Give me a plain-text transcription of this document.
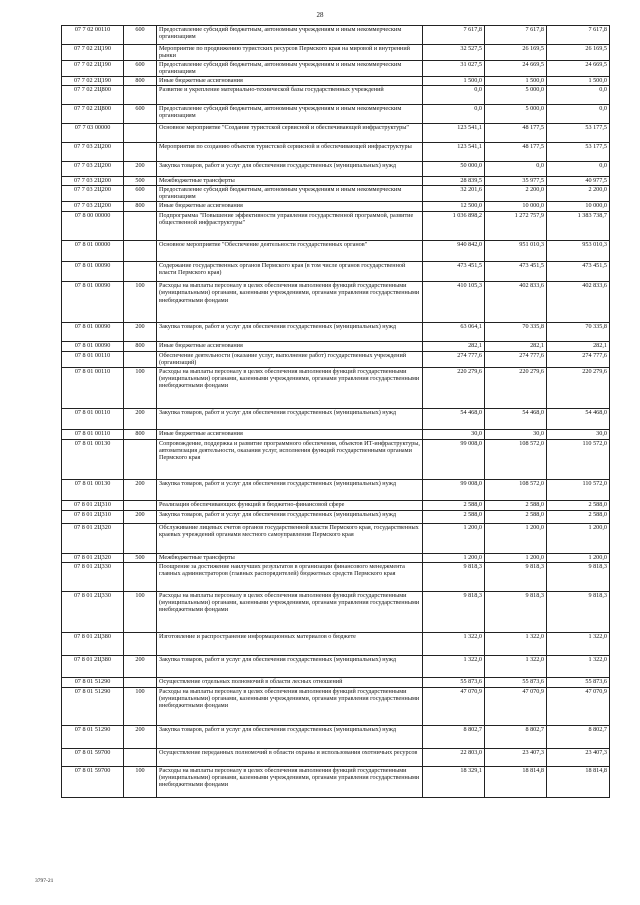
28
07 7 02 00110	600	Предоставление субсидий бюджетным, автономным учреждениям и иным некоммерческим организациям	7 617,8	7 617,8	7 617,8
07 7 02 2Ц190		Мероприятие по продвижению туристских ресурсов Пермского края на мировой и внутренний рынки	32 527,5	26 169,5	26 169,5
07 7 02 2Ц190	600	Предоставление субсидий бюджетным, автономным учреждениям и иным некоммерческим организациям	31 027,5	24 669,5	24 669,5
07 7 02 2Ц190	800	Иные бюджетные ассигнования	1 500,0	1 500,0	1 500,0
07 7 02 2Ц800		Развитие и укрепление материально-технической базы государственных учреждений	0,0	5 000,0	0,0
07 7 02 2Ц800	600	Предоставление субсидий бюджетным, автономным учреждениям и иным некоммерческим организациям	0,0	5 000,0	0,0
07 7 03 00000		Основное мероприятие "Создание туристской сервисной и обеспечивающей инфраструктуры"	123 541,1	48 177,5	53 177,5
07 7 03 2Ц200		Мероприятия по созданию объектов туристской сервисной и обеспечивающей инфраструктуры	123 541,1	48 177,5	53 177,5
07 7 03 2Ц200	200	Закупка товаров, работ и услуг для обеспечения государственных (муниципальных) нужд	50 000,0	0,0	0,0
07 7 03 2Ц200	500	Межбюджетные трансферты	28 839,5	35 977,5	40 977,5
07 7 03 2Ц200	600	Предоставление субсидий бюджетным, автономным учреждениям и иным некоммерческим организациям	32 201,6	2 200,0	2 200,0
07 7 03 2Ц200	800	Иные бюджетные ассигнования	12 500,0	10 000,0	10 000,0
07 8 00 00000		Подпрограмма "Повышение эффективности управления государственной программой, развитие общественной инфраструктуры"	1 036 898,2	1 272 757,9	1 383 738,7
07 8 01 00000		Основное мероприятие "Обеспечение деятельности государственных органов"	940 842,0	951 010,3	953 010,3
07 8 01 00090		Содержание государственных органов Пермского края (в том числе органов государственной власти Пермского края)	473 451,5	473 451,5	473 451,5
07 8 01 00090	100	Расходы на выплаты персоналу в целях обеспечения выполнения функций государственными (муниципальными) органами, казенными учреждениями, органами управления государственными внебюджетными фондами	410 105,3	402 833,6	402 833,6
07 8 01 00090	200	Закупка товаров, работ и услуг для обеспечения государственных (муниципальных) нужд	63 064,1	70 335,8	70 335,8
07 8 01 00090	800	Иные бюджетные ассигнования	282,1	282,1	282,1
07 8 01 00110		Обеспечение деятельности (оказание услуг, выполнение работ) государственных учреждений (организаций)	274 777,6	274 777,6	274 777,6
07 8 01 00110	100	Расходы на выплаты персоналу в целях обеспечения выполнения функций государственными (муниципальными) органами, казенными учреждениями, органами управления государственными внебюджетными фондами	220 279,6	220 279,6	220 279,6
07 8 01 00110	200	Закупка товаров, работ и услуг для обеспечения государственных (муниципальных) нужд	54 468,0	54 468,0	54 468,0
07 8 01 00110	800	Иные бюджетные ассигнования	30,0	30,0	30,0
07 8 01 00130		Сопровождение, поддержка и развитие программного обеспечения, объектов ИТ-инфраструктуры, автоматизация деятельности, оказания услуг, исполнения функций государственными органами Пермского края	99 008,0	108 572,0	110 572,0
07 8 01 00130	200	Закупка товаров, работ и услуг для обеспечения государственных (муниципальных) нужд	99 008,0	108 572,0	110 572,0
07 8 01 2Ц310		Реализация обеспечивающих функций в бюджетно-финансовой сфере	2 588,0	2 588,0	2 588,0
07 8 01 2Ц310	200	Закупка товаров, работ и услуг для обеспечения государственных (муниципальных) нужд	2 588,0	2 588,0	2 588,0
07 8 01 2Ц320		Обслуживание лицевых счетов органов государственной власти Пермского края, государственных краевых учреждений органами местного самоуправления Пермского края	1 200,0	1 200,0	1 200,0
07 8 01 2Ц320	500	Межбюджетные трансферты	1 200,0	1 200,0	1 200,0
07 8 01 2Ц330		Поощрение за достижение наилучших результатов в организации финансового менеджмента главных администраторов (главных распорядителей) бюджетных средств Пермского края	9 818,3	9 818,3	9 818,3
07 8 01 2Ц330	100	Расходы на выплаты персоналу в целях обеспечения выполнения функций государственными (муниципальными) органами, казенными учреждениями, органами управления государственными внебюджетными фондами	9 818,3	9 818,3	9 818,3
07 8 01 2Ц380		Изготовление и распространение информационных материалов о бюджете	1 322,0	1 322,0	1 322,0
07 8 01 2Ц380	200	Закупка товаров, работ и услуг для обеспечения государственных (муниципальных) нужд	1 322,0	1 322,0	1 322,0
07 8 01 51290		Осуществление отдельных полномочий в области лесных отношений	55 873,6	55 873,6	55 873,6
07 8 01 51290	100	Расходы на выплаты персоналу в целях обеспечения выполнения функций государственными (муниципальными) органами, казенными учреждениями, органами управления государственными внебюджетными фондами	47 070,9	47 070,9	47 070,9
07 8 01 51290	200	Закупка товаров, работ и услуг для обеспечения государственных (муниципальных) нужд	8 802,7	8 802,7	8 802,7
07 8 01 59700		Осуществление переданных полномочий в области охраны и использования охотничьих ресурсов	22 803,0	23 407,3	23 407,3
07 8 01 59700	100	Расходы на выплаты персоналу в целях обеспечения выполнения функций государственными (муниципальными) органами, казенными учреждениями, органами управления государственными внебюджетными фондами	18 329,1	18 814,8	18 814,8
3797-21
